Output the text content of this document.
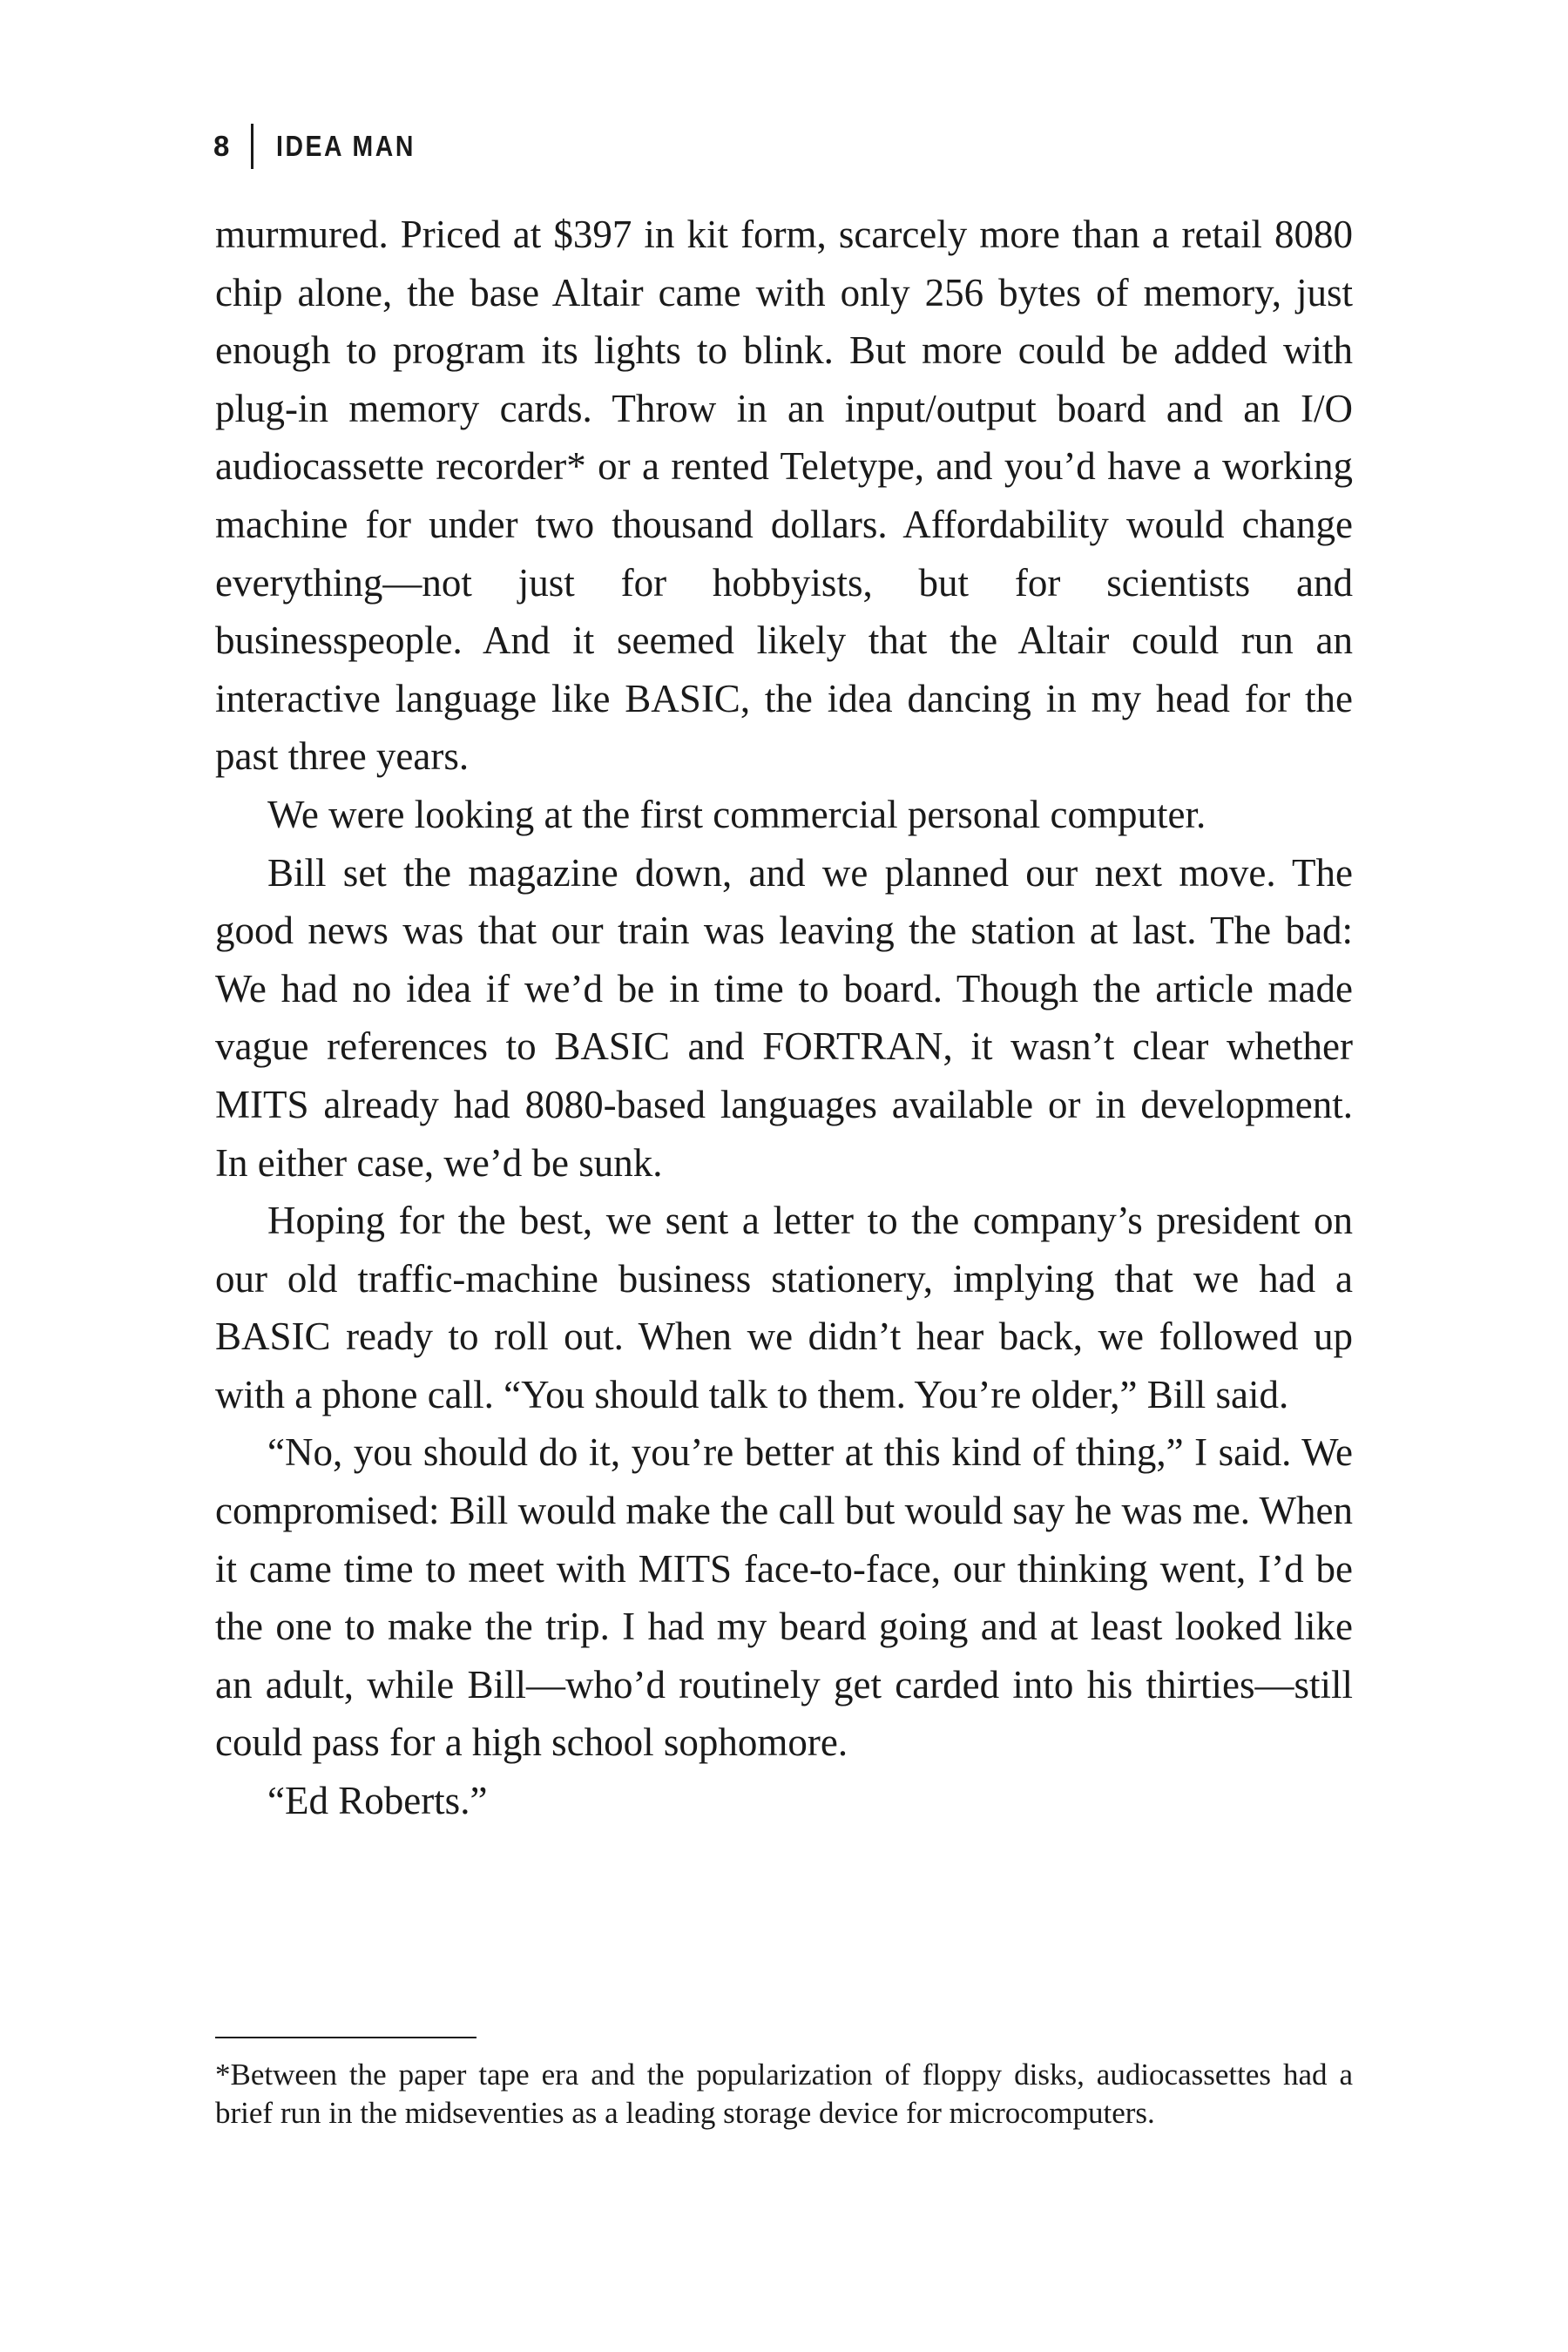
8 IDEA MAN

murmured. Priced at $397 in kit form, scarcely more than a retail 8080 chip alone, the base Altair came with only 256 bytes of memory, just enough to program its lights to blink. But more could be added with plug-in memory cards. Throw in an input/output board and an I/O audiocassette recorder* or a rented Teletype, and you’d have a working machine for under two thousand dollars. Affordability would change everything—not just for hobbyists, but for scientists and businesspeople. And it seemed likely that the Altair could run an interactive language like BASIC, the idea dancing in my head for the past three years.

We were looking at the first commercial personal computer.

Bill set the magazine down, and we planned our next move. The good news was that our train was leaving the station at last. The bad: We had no idea if we’d be in time to board. Though the article made vague references to BASIC and FORTRAN, it wasn’t clear whether MITS already had 8080-based languages available or in development. In either case, we’d be sunk.

Hoping for the best, we sent a letter to the company’s president on our old traffic-machine business stationery, implying that we had a BASIC ready to roll out. When we didn’t hear back, we followed up with a phone call. “You should talk to them. You’re older,” Bill said.

“No, you should do it, you’re better at this kind of thing,” I said. We compromised: Bill would make the call but would say he was me. When it came time to meet with MITS face-to-face, our thinking went, I’d be the one to make the trip. I had my beard going and at least looked like an adult, while Bill—who’d routinely get carded into his thirties—still could pass for a high school sophomore.

“Ed Roberts.”

*Between the paper tape era and the popularization of floppy disks, audiocassettes had a brief run in the midseventies as a leading storage device for microcomputers.
